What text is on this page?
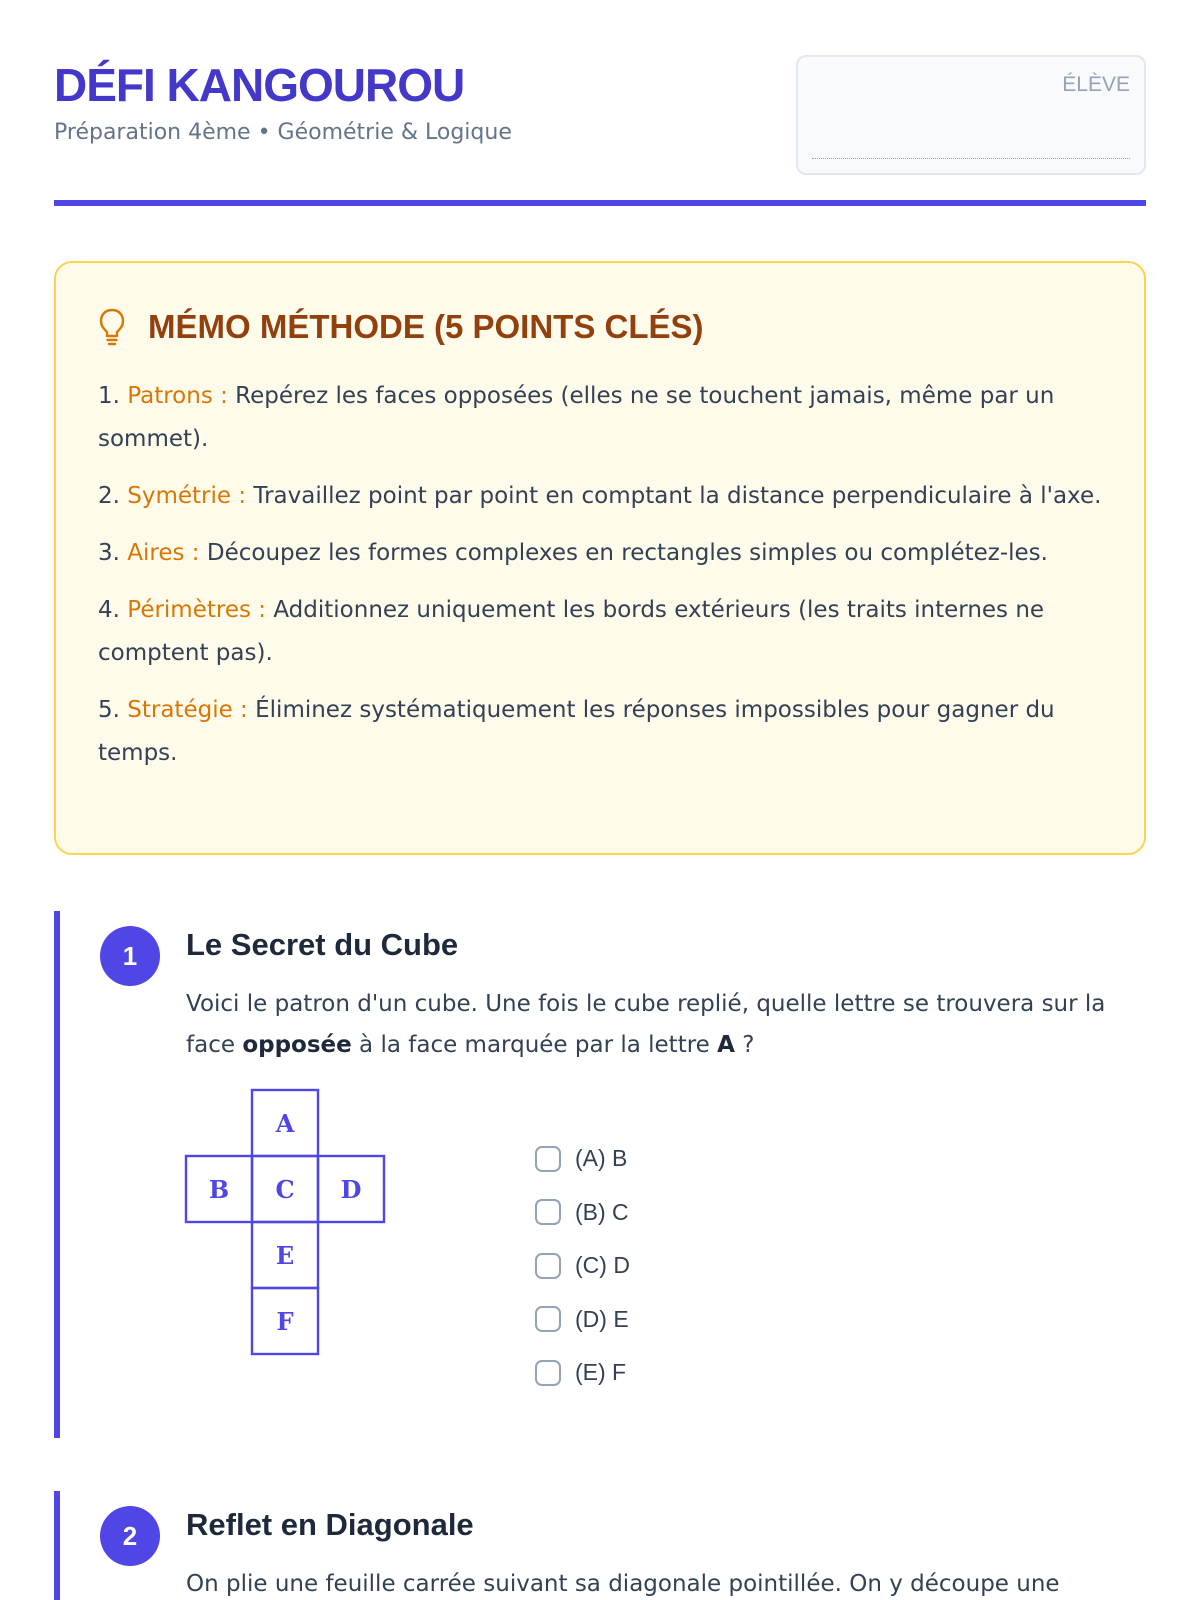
DÉFI KANGOUROU
Préparation 4ème • Géométrie & Logique
ÉLÈVE
MÉMO MÉTHODE (5 POINTS CLÉS)
1. Patrons : Repérez les faces opposées (elles ne se touchent jamais, même par un sommet).
2. Symétrie : Travaillez point par point en comptant la distance perpendiculaire à l'axe.
3. Aires : Découpez les formes complexes en rectangles simples ou complétez-les.
4. Périmètres : Additionnez uniquement les bords extérieurs (les traits internes ne comptent pas).
5. Stratégie : Éliminez systématiquement les réponses impossibles pour gagner du temps.
1	Le Secret du Cube

Voici le patron d'un cube. Une fois le cube replié, quelle lettre se trouvera sur la face opposée à la face marquée par la lettre A ?

A
B C D
E
F
(A) B
(B) C
(C) D
(D) E
(E) F
2	Reflet en Diagonale

On plie une feuille carrée suivant sa diagonale pointillée. On y découpe une
